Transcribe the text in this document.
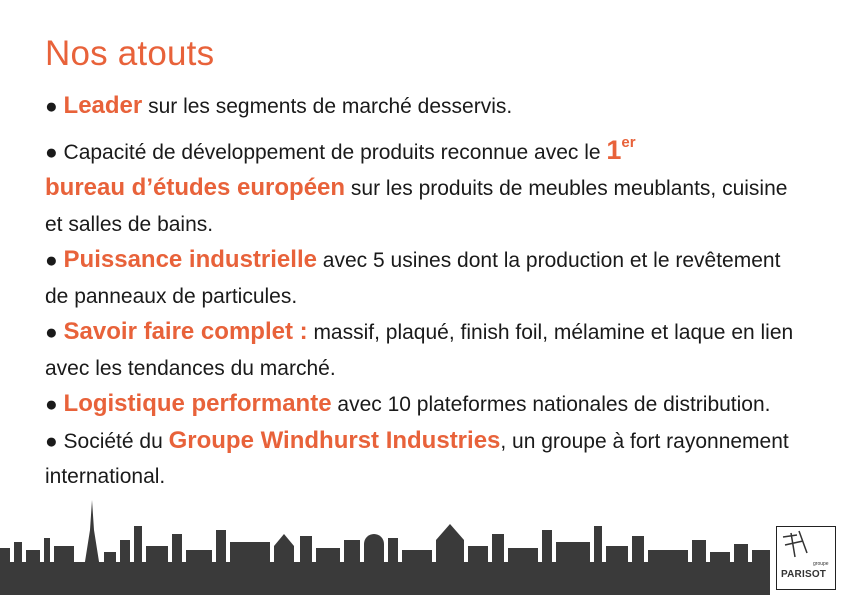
Nos atouts

● Leader sur les segments de marché desservis.

● Capacité de développement de produits reconnue avec le 1er
bureau d’études européen sur les produits de meubles meublants, cuisine et salles de bains.

● Puissance industrielle avec 5 usines dont la production et le revêtement de panneaux de particules.

● Savoir faire complet : massif, plaqué, finish foil, mélamine et laque en lien avec les tendances du marché.

● Logistique performante avec 10 plateformes nationales de distribution.

● Société du Groupe Windhurst Industries, un groupe à fort rayonnement international.

groupe
PARISOT
